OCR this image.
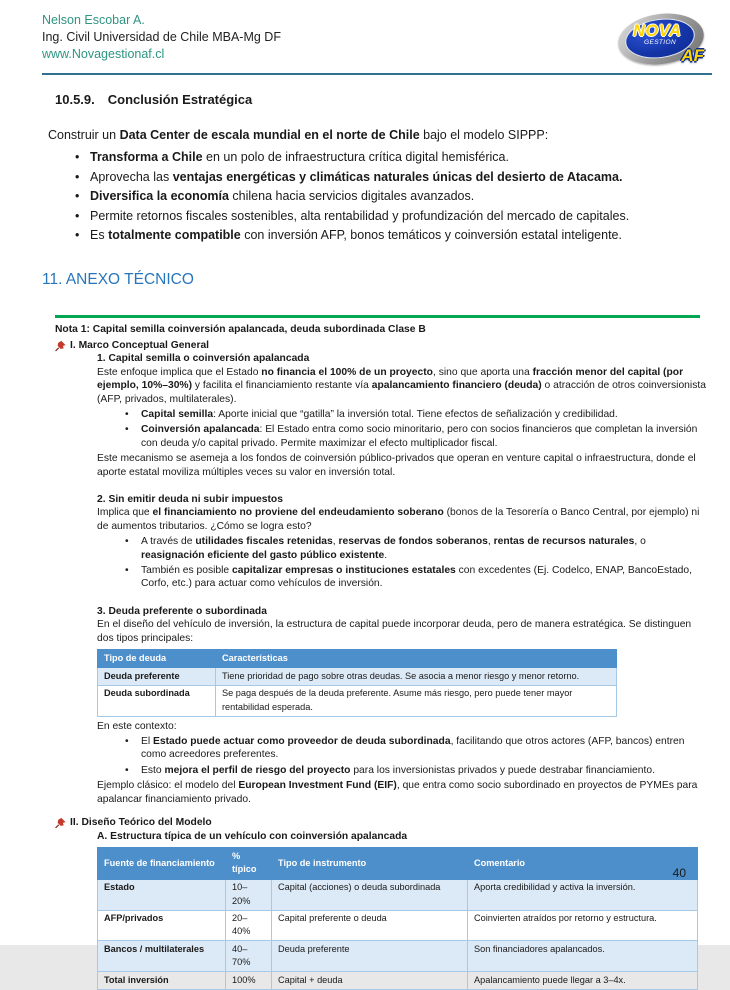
Nelson Escobar A.
Ing. Civil Universidad de Chile MBA-Mg DF
www.Novagestionaf.cl
NOVA
GESTION
AF
10.5.9. Conclusión Estratégica

Construir un Data Center de escala mundial en el norte de Chile bajo el modelo SIPPP:

• Transforma a Chile en un polo de infraestructura crítica digital hemisférica.
• Aprovecha las ventajas energéticas y climáticas naturales únicas del desierto de Atacama.
• Diversifica la economía chilena hacia servicios digitales avanzados.
• Permite retornos fiscales sostenibles, alta rentabilidad y profundización del mercado de capitales.
• Es totalmente compatible con inversión AFP, bonos temáticos y coinversión estatal inteligente.
11. ANEXO TÉCNICO
Nota 1: Capital semilla coinversión apalancada, deuda subordinada Clase B
I. Marco Conceptual General
1. Capital semilla o coinversión apalancada

Este enfoque implica que el Estado no financia el 100% de un proyecto, sino que aporta una fracción menor del capital (por ejemplo, 10%–30%) y facilita el financiamiento restante vía apalancamiento financiero (deuda) o atracción de otros coinversionista (AFP, privados, multilaterales).

• Capital semilla: Aporte inicial que “gatilla” la inversión total. Tiene efectos de señalización y credibilidad.
• Coinversión apalancada: El Estado entra como socio minoritario, pero con socios financieros que completan la inversión con deuda y/o capital privado. Permite maximizar el efecto multiplicador fiscal.

Este mecanismo se asemeja a los fondos de coinversión público-privados que operan en venture capital o infraestructura, donde el aporte estatal moviliza múltiples veces su valor en inversión total.

2. Sin emitir deuda ni subir impuestos

Implica que el financiamiento no proviene del endeudamiento soberano (bonos de la Tesorería o Banco Central, por ejemplo) ni de aumentos tributarios. ¿Cómo se logra esto?

• A través de utilidades fiscales retenidas, reservas de fondos soberanos, rentas de recursos naturales, o reasignación eficiente del gasto público existente.
• También es posible capitalizar empresas o instituciones estatales con excedentes (Ej. Codelco, ENAP, BancoEstado, Corfo, etc.) para actuar como vehículos de inversión.
3. Deuda preferente o subordinada

En el diseño del vehículo de inversión, la estructura de capital puede incorporar deuda, pero de manera estratégica. Se distinguen dos tipos principales:

Tipo de deuda	Características
Deuda preferente	Tiene prioridad de pago sobre otras deudas. Se asocia a menor riesgo y menor retorno.
Deuda subordinada	Se paga después de la deuda preferente. Asume más riesgo, pero puede tener mayor rentabilidad esperada.

En este contexto:

• El Estado puede actuar como proveedor de deuda subordinada, facilitando que otros actores (AFP, bancos) entren como acreedores preferentes.
• Esto mejora el perfil de riesgo del proyecto para los inversionistas privados y puede destrabar financiamiento.

Ejemplo clásico: el modelo del European Investment Fund (EIF), que entra como socio subordinado en proyectos de PYMEs para apalancar financiamiento privado.

II. Diseño Teórico del Modelo
A. Estructura típica de un vehículo con coinversión apalancada
Fuente de financiamiento	% típico	Tipo de instrumento	Comentario
Estado	10–20%	Capital (acciones) o deuda subordinada	Aporta credibilidad y activa la inversión.
AFP/privados	20–40%	Capital preferente o deuda	Coinvierten atraídos por retorno y estructura.
Bancos / multilaterales	40–70%	Deuda preferente	Son financiadores apalancados.
Total inversión	100%	Capital + deuda	Apalancamiento puede llegar a 3–4x.
40
